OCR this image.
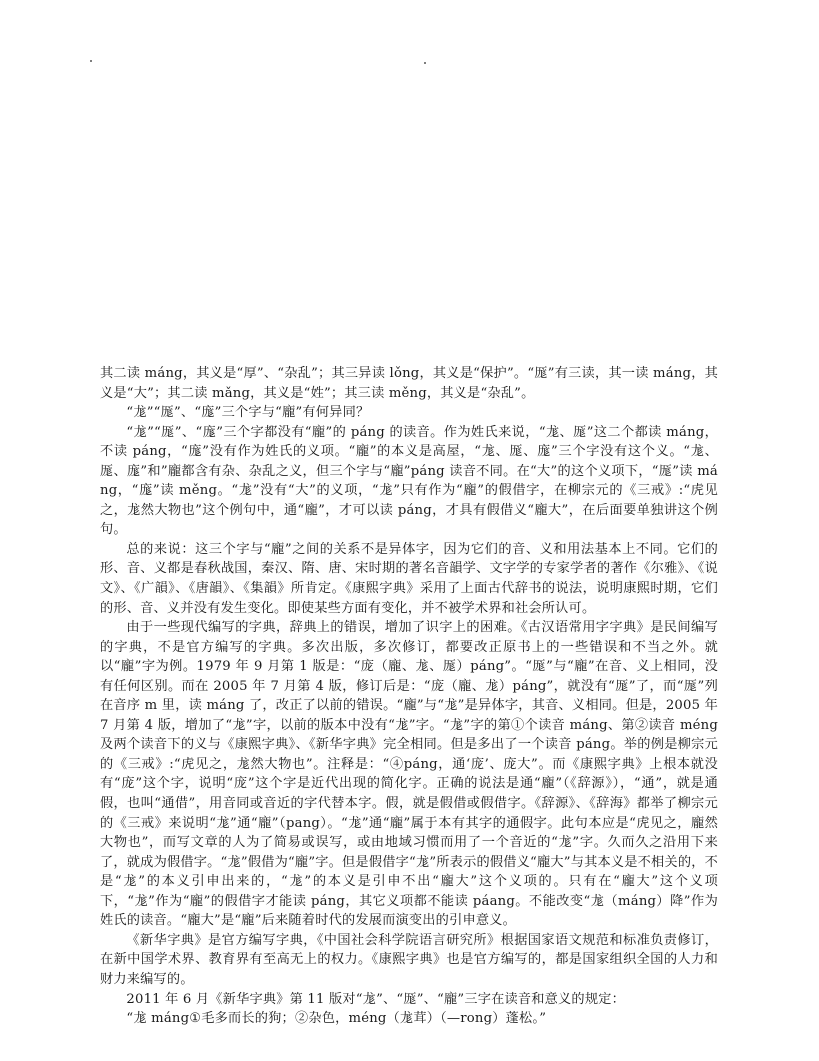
其二读 máng，其义是“厚”、“杂乱”；其三异读 lǒng，其义是“保护”。“厖”有三读，其一读 máng，其义是“大”；其二读 mǎng，其义是“姓”；其三读 měng，其义是“杂乱”。

“尨”“厖”、“庬”三个字与“龐”有何异同？

“尨”“厖”、“庬”三个字都没有“龐”的 páng 的读音。作为姓氏来说，“尨、厖”这二个都读 máng，不读 páng，“庬”没有作为姓氏的义项。“龐”的本义是高屋，“尨、厖、庬”三个字没有这个义。“尨、厖、庬”和”龐都含有杂、杂乱之义，但三个字与“龐”páng 读音不同。在“大”的这个义项下，“厖”读 máng，“庬”读 měng。“尨”没有“大”的义项，“尨”只有作为“龐”的假借字，在柳宗元的《三戒》:“虎见之，尨然大物也”这个例句中，通“龐”，才可以读 páng，才具有假借义“龐大”，在后面要单独讲这个例句。

总的来说：这三个字与“龐”之间的关系不是异体字，因为它们的音、义和用法基本上不同。它们的形、音、义都是春秋战国，秦汉、隋、唐、宋时期的著名音韻学、文字学的专家学者的著作《尔雅》、《说文》、《广韻》、《唐韻》、《集韻》所肯定。《康熙字典》采用了上面古代辞书的说法，说明康熙时期，它们的形、音、义并没有发生变化。即使某些方面有变化，并不被学术界和社会所认可。

由于一些现代编写的字典，辞典上的错误，增加了识字上的困难。《古汉语常用字字典》是民间编写的字典，不是官方编写的字典。多次出版，多次修订，都要改正原书上的一些错误和不当之外。就以“龐”字为例。1979 年 9 月第 1 版是：“庞（龐、尨、厖）páng”。“厖”与“龐”在音、义上相同，没有任何区别。而在 2005 年 7 月第 4 版，修订后是：“庞（龐、尨）páng”，就没有“厖”了，而“厖”列在音序 m 里，读 máng 了，改正了以前的错误。“龐”与“尨”是异体字，其音、义相同。但是，2005 年 7 月第 4 版，增加了“尨”字，以前的版本中没有“尨”字。“尨”字的第①个读音 máng、第②读音 méng 及两个读音下的义与《康熙字典》、《新华字典》完全相同。但是多出了一个读音 páng。举的例是柳宗元的《三戒》:“虎见之，尨然大物也”。注释是：“④páng，通‘庞’、庞大”。而《康熙字典》上根本就没有“庞”这个字，说明“庞”这个字是近代出现的简化字。正确的说法是通“龐”（《辞源》），“通”，就是通假，也叫“通借”，用音同或音近的字代替本字。假，就是假借或假借字。《辞源》、《辞海》都举了柳宗元的《三戒》来说明“尨”通“龐”（pang）。“尨”通“龐”属于本有其字的通假字。此句本应是“虎见之，龐然大物也”，而写文章的人为了简易或误写，或由地域习惯而用了一个音近的“尨”字。久而久之沿用下来了，就成为假借字。“尨”假借为“龐”字。但是假借字“尨”所表示的假借义“龐大”与其本义是不相关的，不是“尨”的本义引申出来的，“尨”的本义是引申不出“龐大”这个义项的。只有在“龐大”这个义项下，“尨”作为“龐”的假借字才能读 páng，其它义项都不能读 páang。不能改变“尨（máng）降”作为姓氏的读音。“龐大”是“龐”后来随着时代的发展而演变出的引申意义。

《新华字典》是官方编写字典，《中国社会科学院语言研究所》根据国家语文规范和标准负责修订，在新中国学术界、教育界有至高无上的权力。《康熙字典》也是官方编写的，都是国家组织全国的人力和财力来编写的。

2011 年 6 月《新华字典》第 11 版对“尨”、“厖”、“龐”三字在读音和意义的规定：

“尨 máng①毛多而长的狗；②杂色，méng（尨茸）（—rong）蓬松。”
